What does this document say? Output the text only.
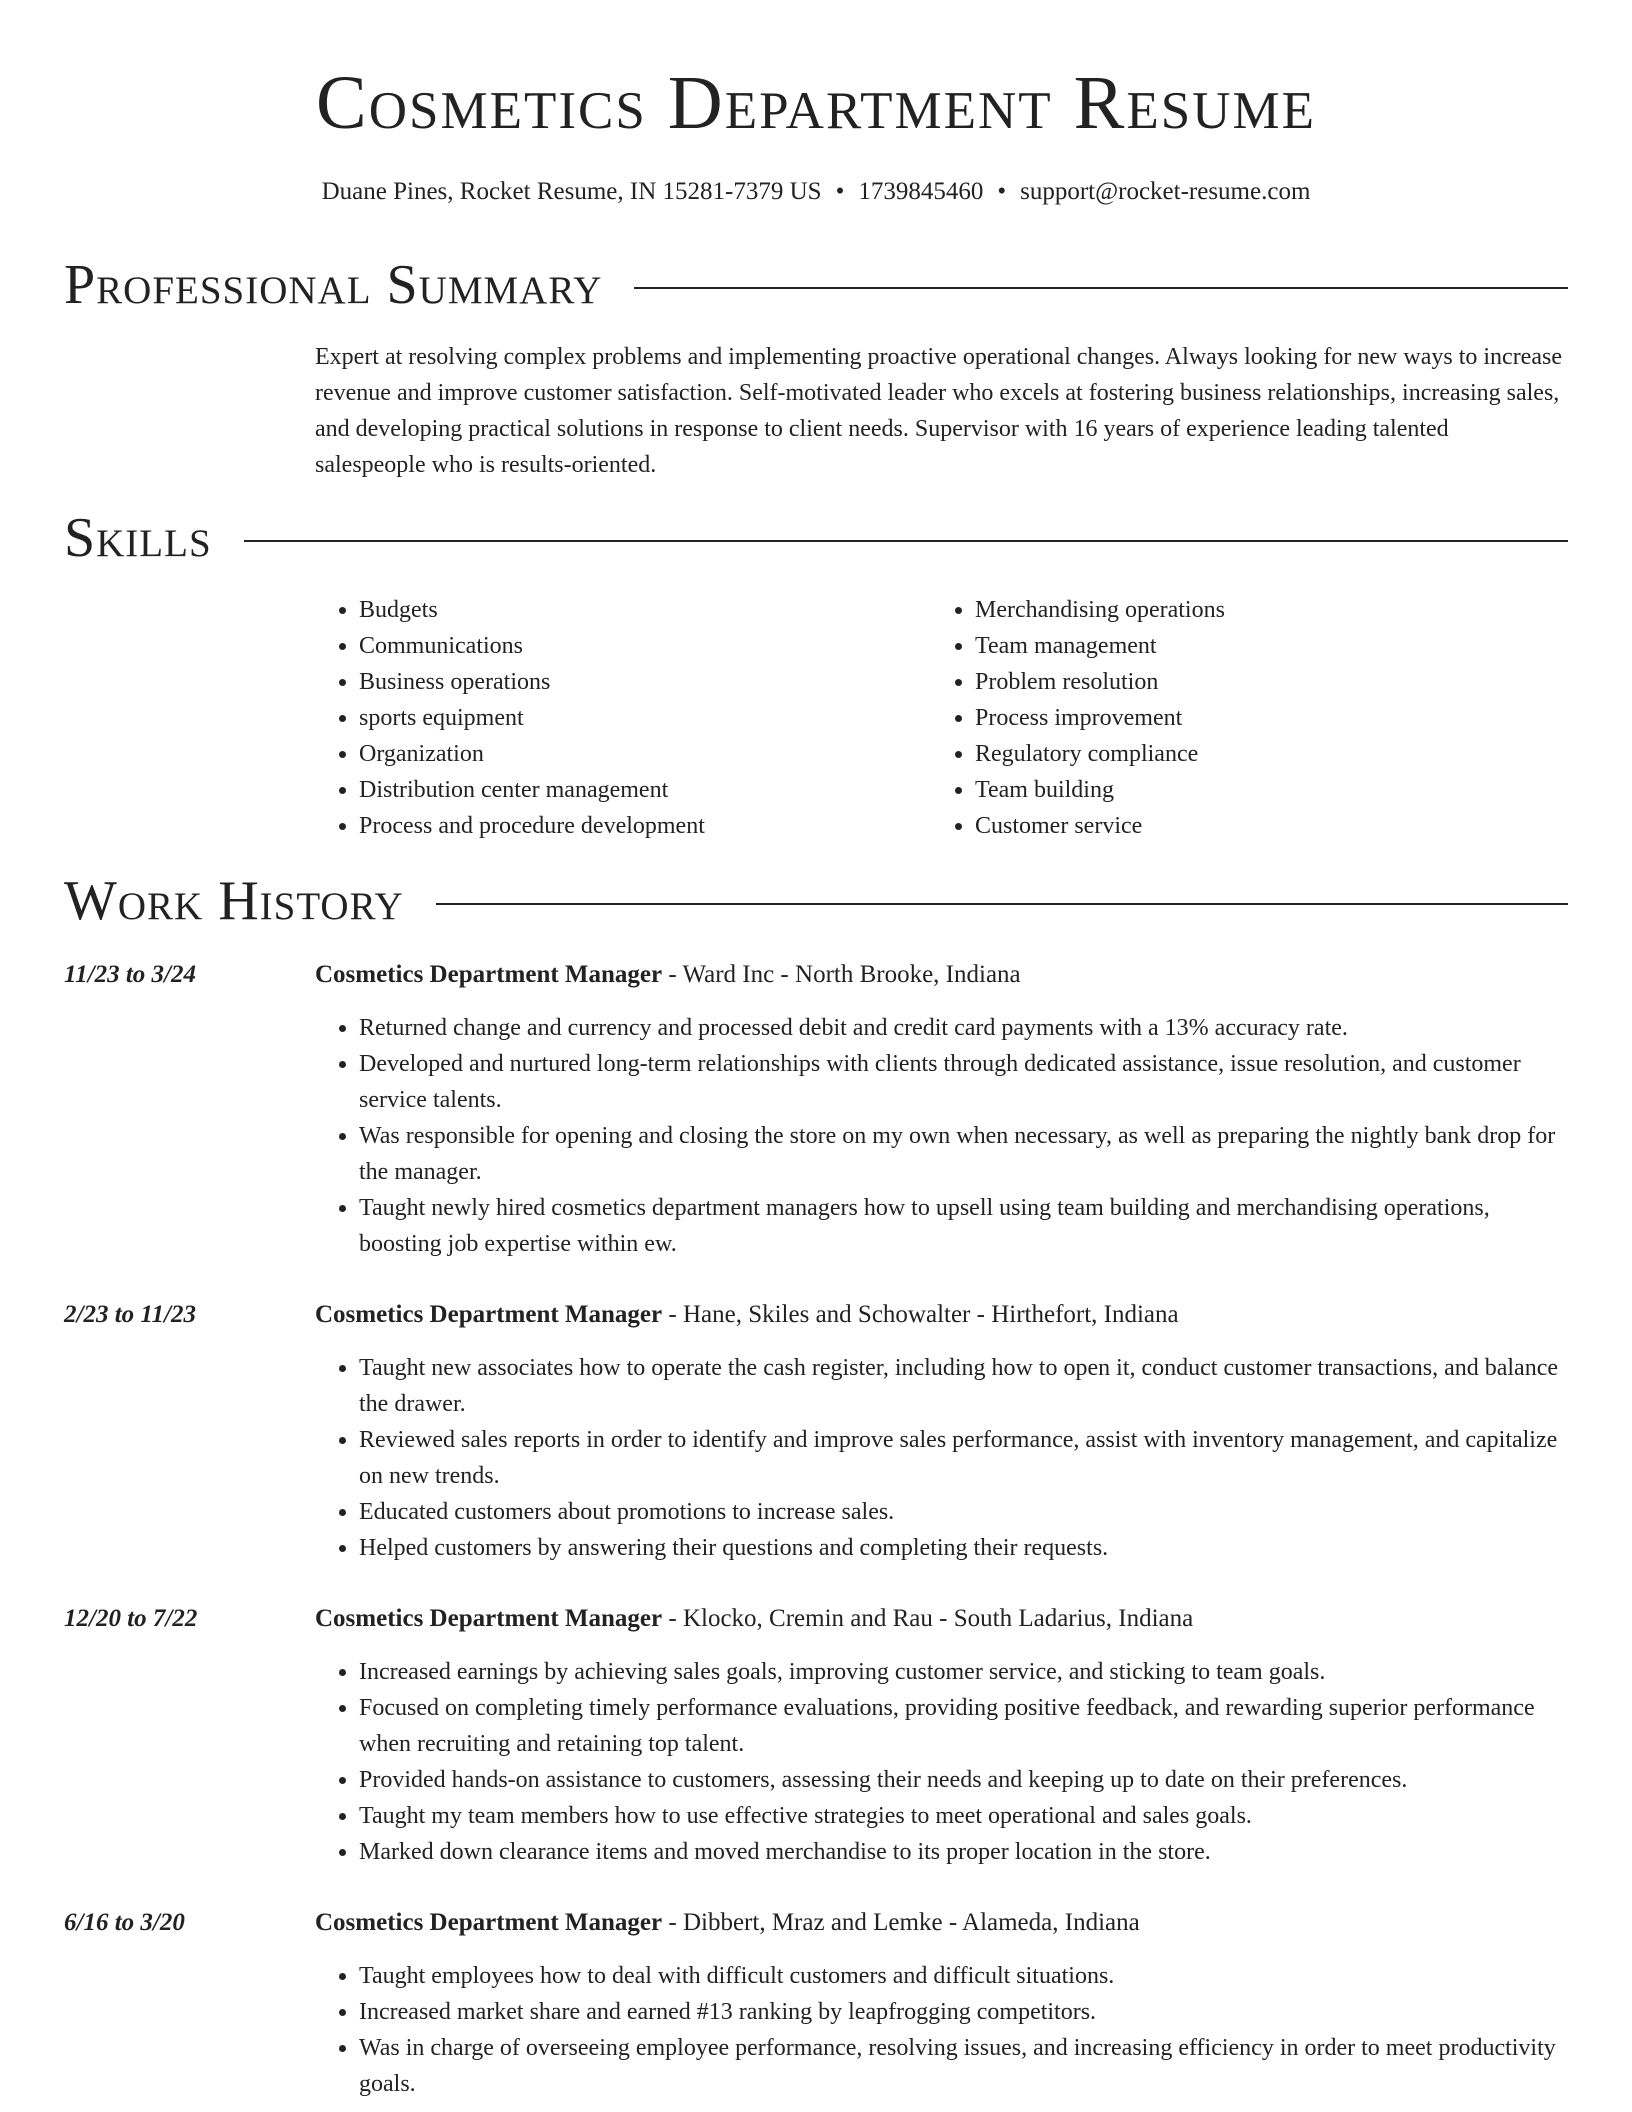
Cosmetics Department Resume
Duane Pines, Rocket Resume, IN 15281-7379 US • 1739845460 • support@rocket-resume.com
Professional Summary

Expert at resolving complex problems and implementing proactive operational changes. Always looking for new ways to increase revenue and improve customer satisfaction. Self-motivated leader who excels at fostering business relationships, increasing sales, and developing practical solutions in response to client needs. Supervisor with 16 years of experience leading talented salespeople who is results-oriented.

Skills
• Budgets
• Communications
• Business operations
• sports equipment
• Organization
• Distribution center management
• Process and procedure development
• Merchandising operations
• Team management
• Problem resolution
• Process improvement
• Regulatory compliance
• Team building
• Customer service
Work History
11/23 to 3/24	Cosmetics Department Manager - Ward Inc - North Brooke, Indiana
• Returned change and currency and processed debit and credit card payments with a 13% accuracy rate.
• Developed and nurtured long-term relationships with clients through dedicated assistance, issue resolution, and customer service talents.
• Was responsible for opening and closing the store on my own when necessary, as well as preparing the nightly bank drop for the manager.
• Taught newly hired cosmetics department managers how to upsell using team building and merchandising operations, boosting job expertise within ew.
2/23 to 11/23	Cosmetics Department Manager - Hane, Skiles and Schowalter - Hirthefort, Indiana
• Taught new associates how to operate the cash register, including how to open it, conduct customer transactions, and balance the drawer.
• Reviewed sales reports in order to identify and improve sales performance, assist with inventory management, and capitalize on new trends.
• Educated customers about promotions to increase sales.
• Helped customers by answering their questions and completing their requests.
12/20 to 7/22	Cosmetics Department Manager - Klocko, Cremin and Rau - South Ladarius, Indiana
• Increased earnings by achieving sales goals, improving customer service, and sticking to team goals.
• Focused on completing timely performance evaluations, providing positive feedback, and rewarding superior performance when recruiting and retaining top talent.
• Provided hands-on assistance to customers, assessing their needs and keeping up to date on their preferences.
• Taught my team members how to use effective strategies to meet operational and sales goals.
• Marked down clearance items and moved merchandise to its proper location in the store.
6/16 to 3/20	Cosmetics Department Manager - Dibbert, Mraz and Lemke - Alameda, Indiana
• Taught employees how to deal with difficult customers and difficult situations.
• Increased market share and earned #13 ranking by leapfrogging competitors.
• Was in charge of overseeing employee performance, resolving issues, and increasing efficiency in order to meet productivity goals.
